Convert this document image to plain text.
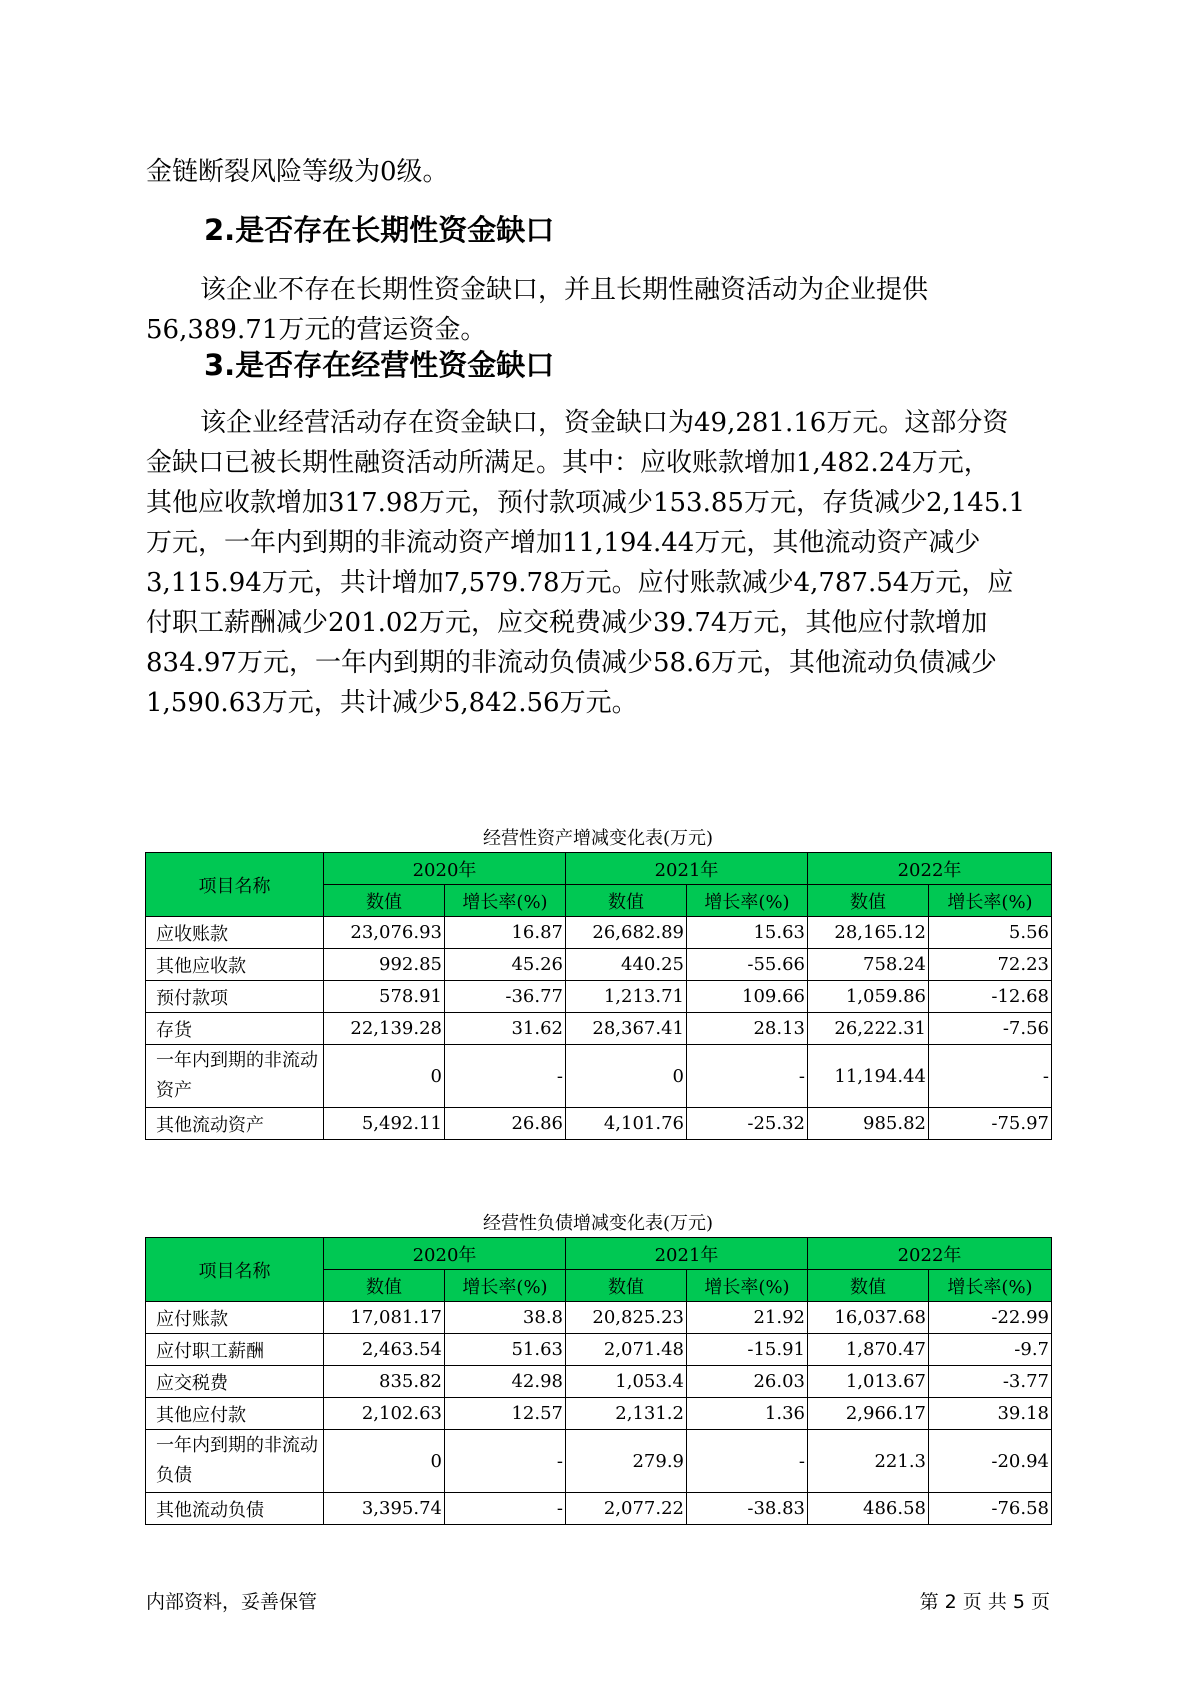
金链断裂风险等级为0级。

2.是否存在长期性资金缺口

该企业不存在长期性资金缺口，并且长期性融资活动为企业提供
56,389.71万元的营运资金。

3.是否存在经营性资金缺口

该企业经营活动存在资金缺口，资金缺口为49,281.16万元。这部分资
金缺口已被长期性融资活动所满足。其中：应收账款增加1,482.24万元，
其他应收款增加317.98万元，预付款项减少153.85万元，存货减少2,145.1
万元，一年内到期的非流动资产增加11,194.44万元，其他流动资产减少
3,115.94万元，共计增加7,579.78万元。应付账款减少4,787.54万元，应
付职工薪酬减少201.02万元，应交税费减少39.74万元，其他应付款增加
834.97万元，一年内到期的非流动负债减少58.6万元，其他流动负债减少
1,590.63万元，共计减少5,842.56万元。

经营性资产增减变化表(万元)

项目名称	2020年		2021年		2022年	
	数值	增长率(%)	数值	增长率(%)	数值	增长率(%)
应收账款	23,076.93	16.87	26,682.89	15.63	28,165.12	5.56
其他应收款	992.85	45.26	440.25	-55.66	758.24	72.23
预付款项	578.91	-36.77	1,213.71	109.66	1,059.86	-12.68
存货	22,139.28	31.62	28,367.41	28.13	26,222.31	-7.56
一年内到期的非流动资产	0	-	0	-	11,194.44	-
其他流动资产	5,492.11	26.86	4,101.76	-25.32	985.82	-75.97

经营性负债增减变化表(万元)

项目名称	2020年		2021年		2022年	
	数值	增长率(%)	数值	增长率(%)	数值	增长率(%)
应付账款	17,081.17	38.8	20,825.23	21.92	16,037.68	-22.99
应付职工薪酬	2,463.54	51.63	2,071.48	-15.91	1,870.47	-9.7
应交税费	835.82	42.98	1,053.4	26.03	1,013.67	-3.77
其他应付款	2,102.63	12.57	2,131.2	1.36	2,966.17	39.18
一年内到期的非流动负债	0	-	279.9	-	221.3	-20.94
其他流动负债	3,395.74	-	2,077.22	-38.83	486.58	-76.58

内部资料，妥善保管	第 2 页 共 5 页
